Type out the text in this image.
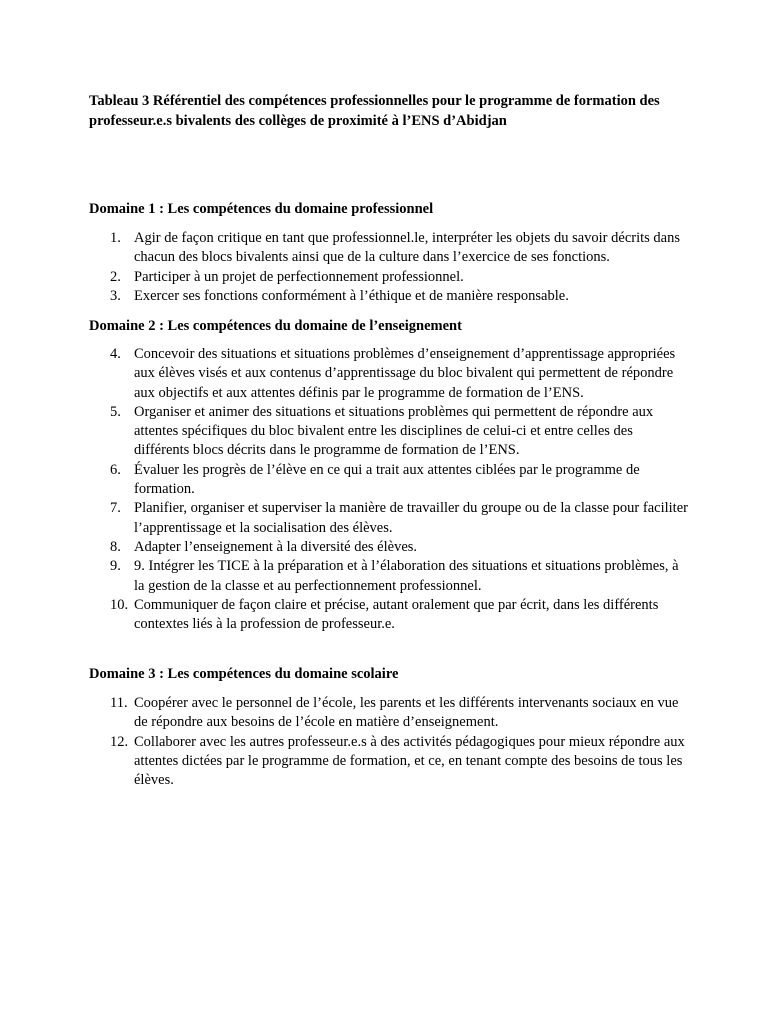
Tableau 3 Référentiel des compétences professionnelles pour le programme de formation des professeur.e.s bivalents des collèges de proximité à l’ENS d’Abidjan

Domaine 1 : Les compétences du domaine professionnel

1. Agir de façon critique en tant que professionnel.le, interpréter les objets du savoir décrits dans chacun des blocs bivalents ainsi que de la culture dans l’exercice de ses fonctions.
2. Participer à un projet de perfectionnement professionnel.
3. Exercer ses fonctions conformément à l’éthique et de manière responsable.

Domaine 2 : Les compétences du domaine de l’enseignement

4. Concevoir des situations et situations problèmes d’enseignement d’apprentissage appropriées aux élèves visés et aux contenus d’apprentissage du bloc bivalent qui permettent de répondre aux objectifs et aux attentes définis par le programme de formation de l’ENS.
5. Organiser et animer des situations et situations problèmes qui permettent de répondre aux attentes spécifiques du bloc bivalent entre les disciplines de celui-ci et entre celles des différents blocs décrits dans le programme de formation de l’ENS.
6. Évaluer les progrès de l’élève en ce qui a trait aux attentes ciblées par le programme de formation.
7. Planifier, organiser et superviser la manière de travailler du groupe ou de la classe pour faciliter l’apprentissage et la socialisation des élèves.
8. Adapter l’enseignement à la diversité des élèves.
9. 9. Intégrer les TICE à la préparation et à l’élaboration des situations et situations problèmes, à la gestion de la classe et au perfectionnement professionnel.
10. Communiquer de façon claire et précise, autant oralement que par écrit, dans les différents contextes liés à la profession de professeur.e.

Domaine 3 : Les compétences du domaine scolaire

11. Coopérer avec le personnel de l’école, les parents et les différents intervenants sociaux en vue de répondre aux besoins de l’école en matière d’enseignement.
12. Collaborer avec les autres professeur.e.s à des activités pédagogiques pour mieux répondre aux attentes dictées par le programme de formation, et ce, en tenant compte des besoins de tous les élèves.
